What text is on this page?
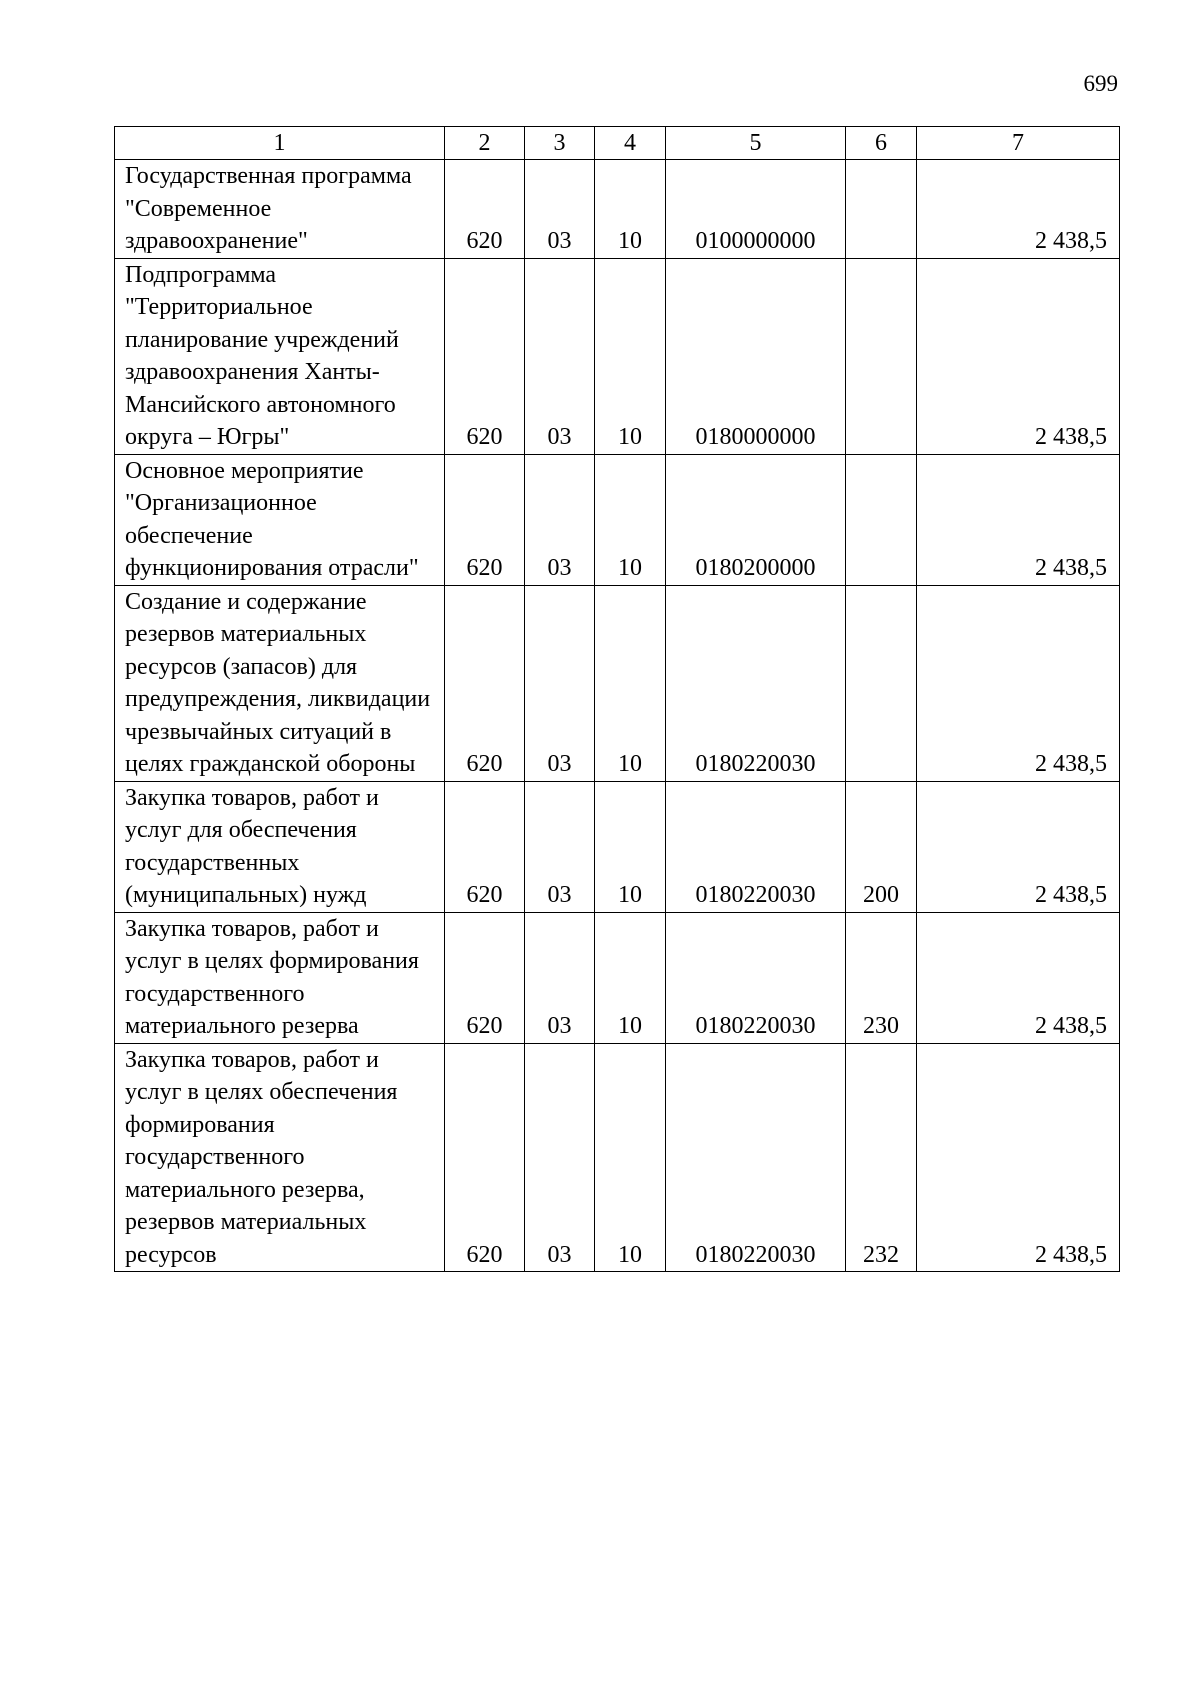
699
1	2	3	4	5	6	7
Государственная программа "Современное здравоохранение"	620	03	10	0100000000		2 438,5
Подпрограмма "Территориальное планирование учреждений здравоохранения Ханты-Мансийского автономного округа – Югры"	620	03	10	0180000000		2 438,5
Основное мероприятие "Организационное обеспечение функционирования отрасли"	620	03	10	0180200000		2 438,5
Создание и содержание резервов материальных ресурсов (запасов) для предупреждения, ликвидации чрезвычайных ситуаций в целях гражданской обороны	620	03	10	0180220030		2 438,5
Закупка товаров, работ и услуг для обеспечения государственных (муниципальных) нужд	620	03	10	0180220030	200	2 438,5
Закупка товаров, работ и услуг в целях формирования государственного материального резерва	620	03	10	0180220030	230	2 438,5
Закупка товаров, работ и услуг в целях обеспечения формирования государственного материального резерва, резервов материальных ресурсов	620	03	10	0180220030	232	2 438,5
